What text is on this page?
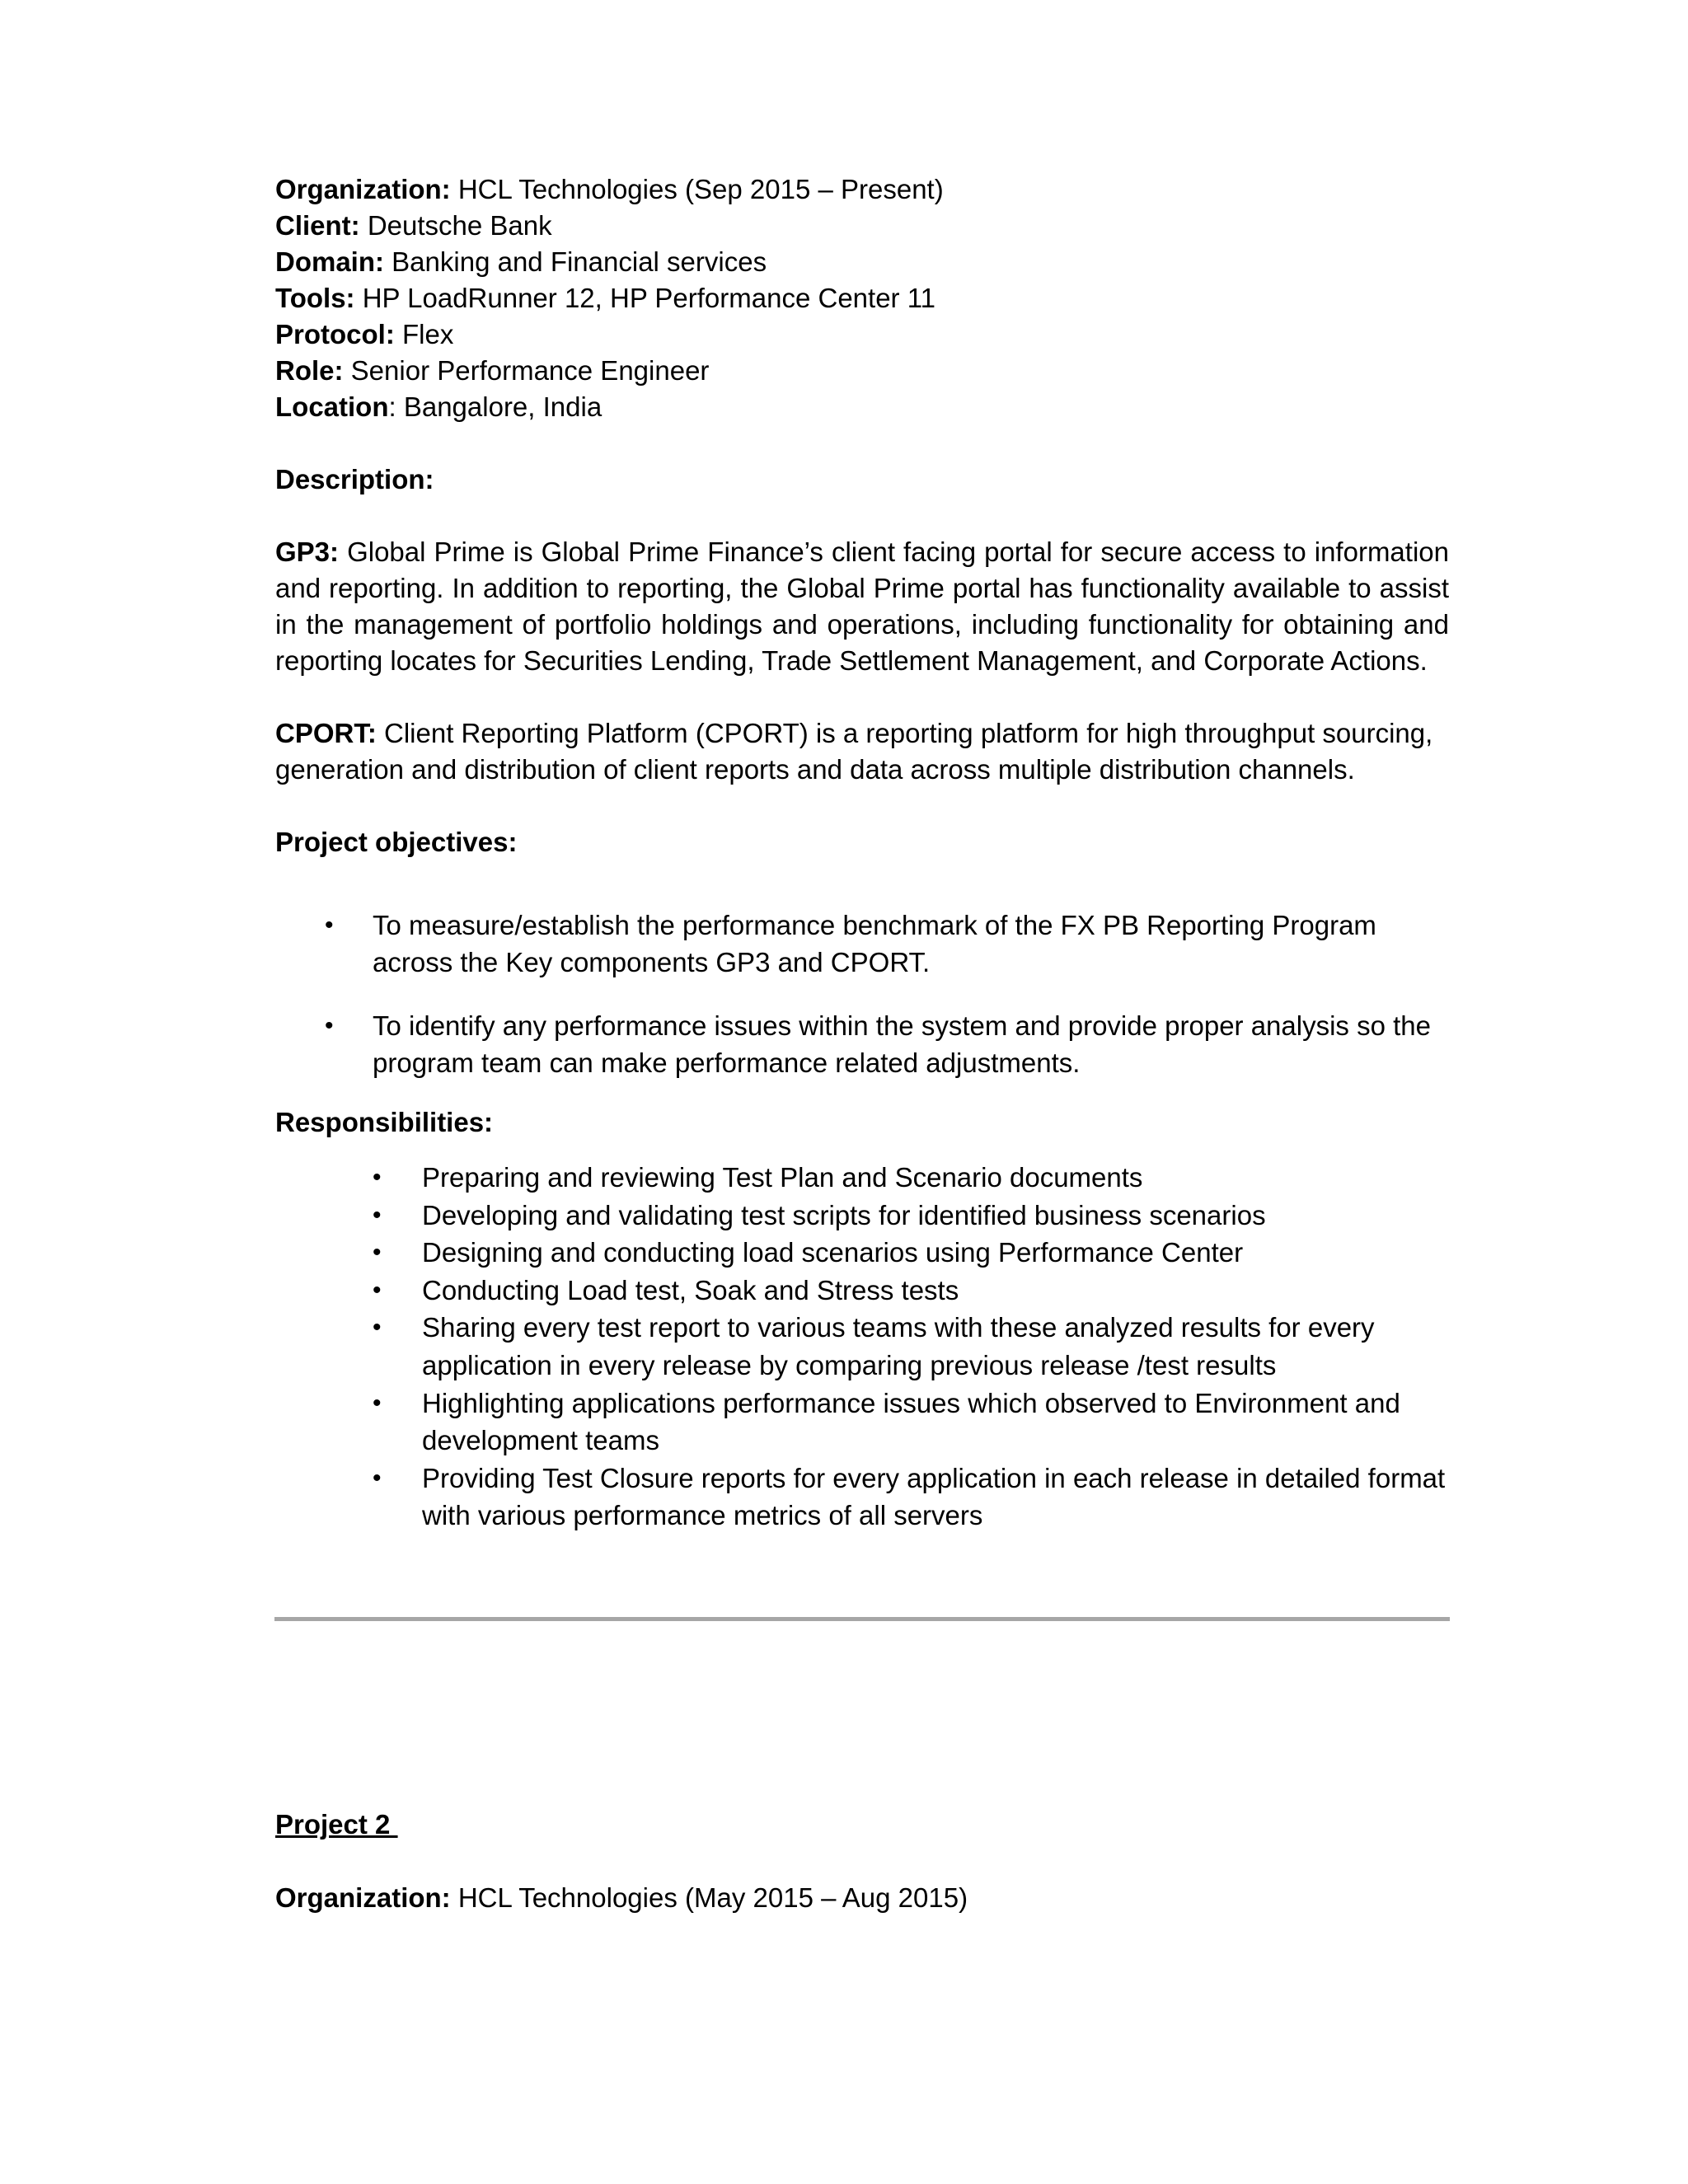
Organization: HCL Technologies (Sep 2015 – Present)

Client: Deutsche Bank

Domain: Banking and Financial services

Tools: HP LoadRunner 12, HP Performance Center 11

Protocol: Flex

Role: Senior Performance Engineer

Location: Bangalore, India

Description:

GP3: Global Prime is Global Prime Finance’s client facing portal for secure access to information and reporting. In addition to reporting, the Global Prime portal has functionality available to assist in the management of portfolio holdings and operations, including functionality for obtaining and reporting locates for Securities Lending, Trade Settlement Management, and Corporate Actions.

CPORT: Client Reporting Platform (CPORT) is a reporting platform for high throughput sourcing, generation and distribution of client reports and data across multiple distribution channels.

Project objectives:

• To measure/establish the performance benchmark of the FX PB Reporting Program across the Key components GP3 and CPORT.
• To identify any performance issues within the system and provide proper analysis so the program team can make performance related adjustments.

Responsibilities:

• Preparing and reviewing Test Plan and Scenario documents
• Developing and validating test scripts for identified business scenarios
• Designing and conducting load scenarios using Performance Center
• Conducting Load test, Soak and Stress tests
• Sharing every test report to various teams with these analyzed results for every application in every release by comparing previous release /test results
• Highlighting applications performance issues which observed to Environment and development teams
• Providing Test Closure reports for every application in each release in detailed format with various performance metrics of all servers
Project 2

Organization: HCL Technologies (May 2015 – Aug 2015)
